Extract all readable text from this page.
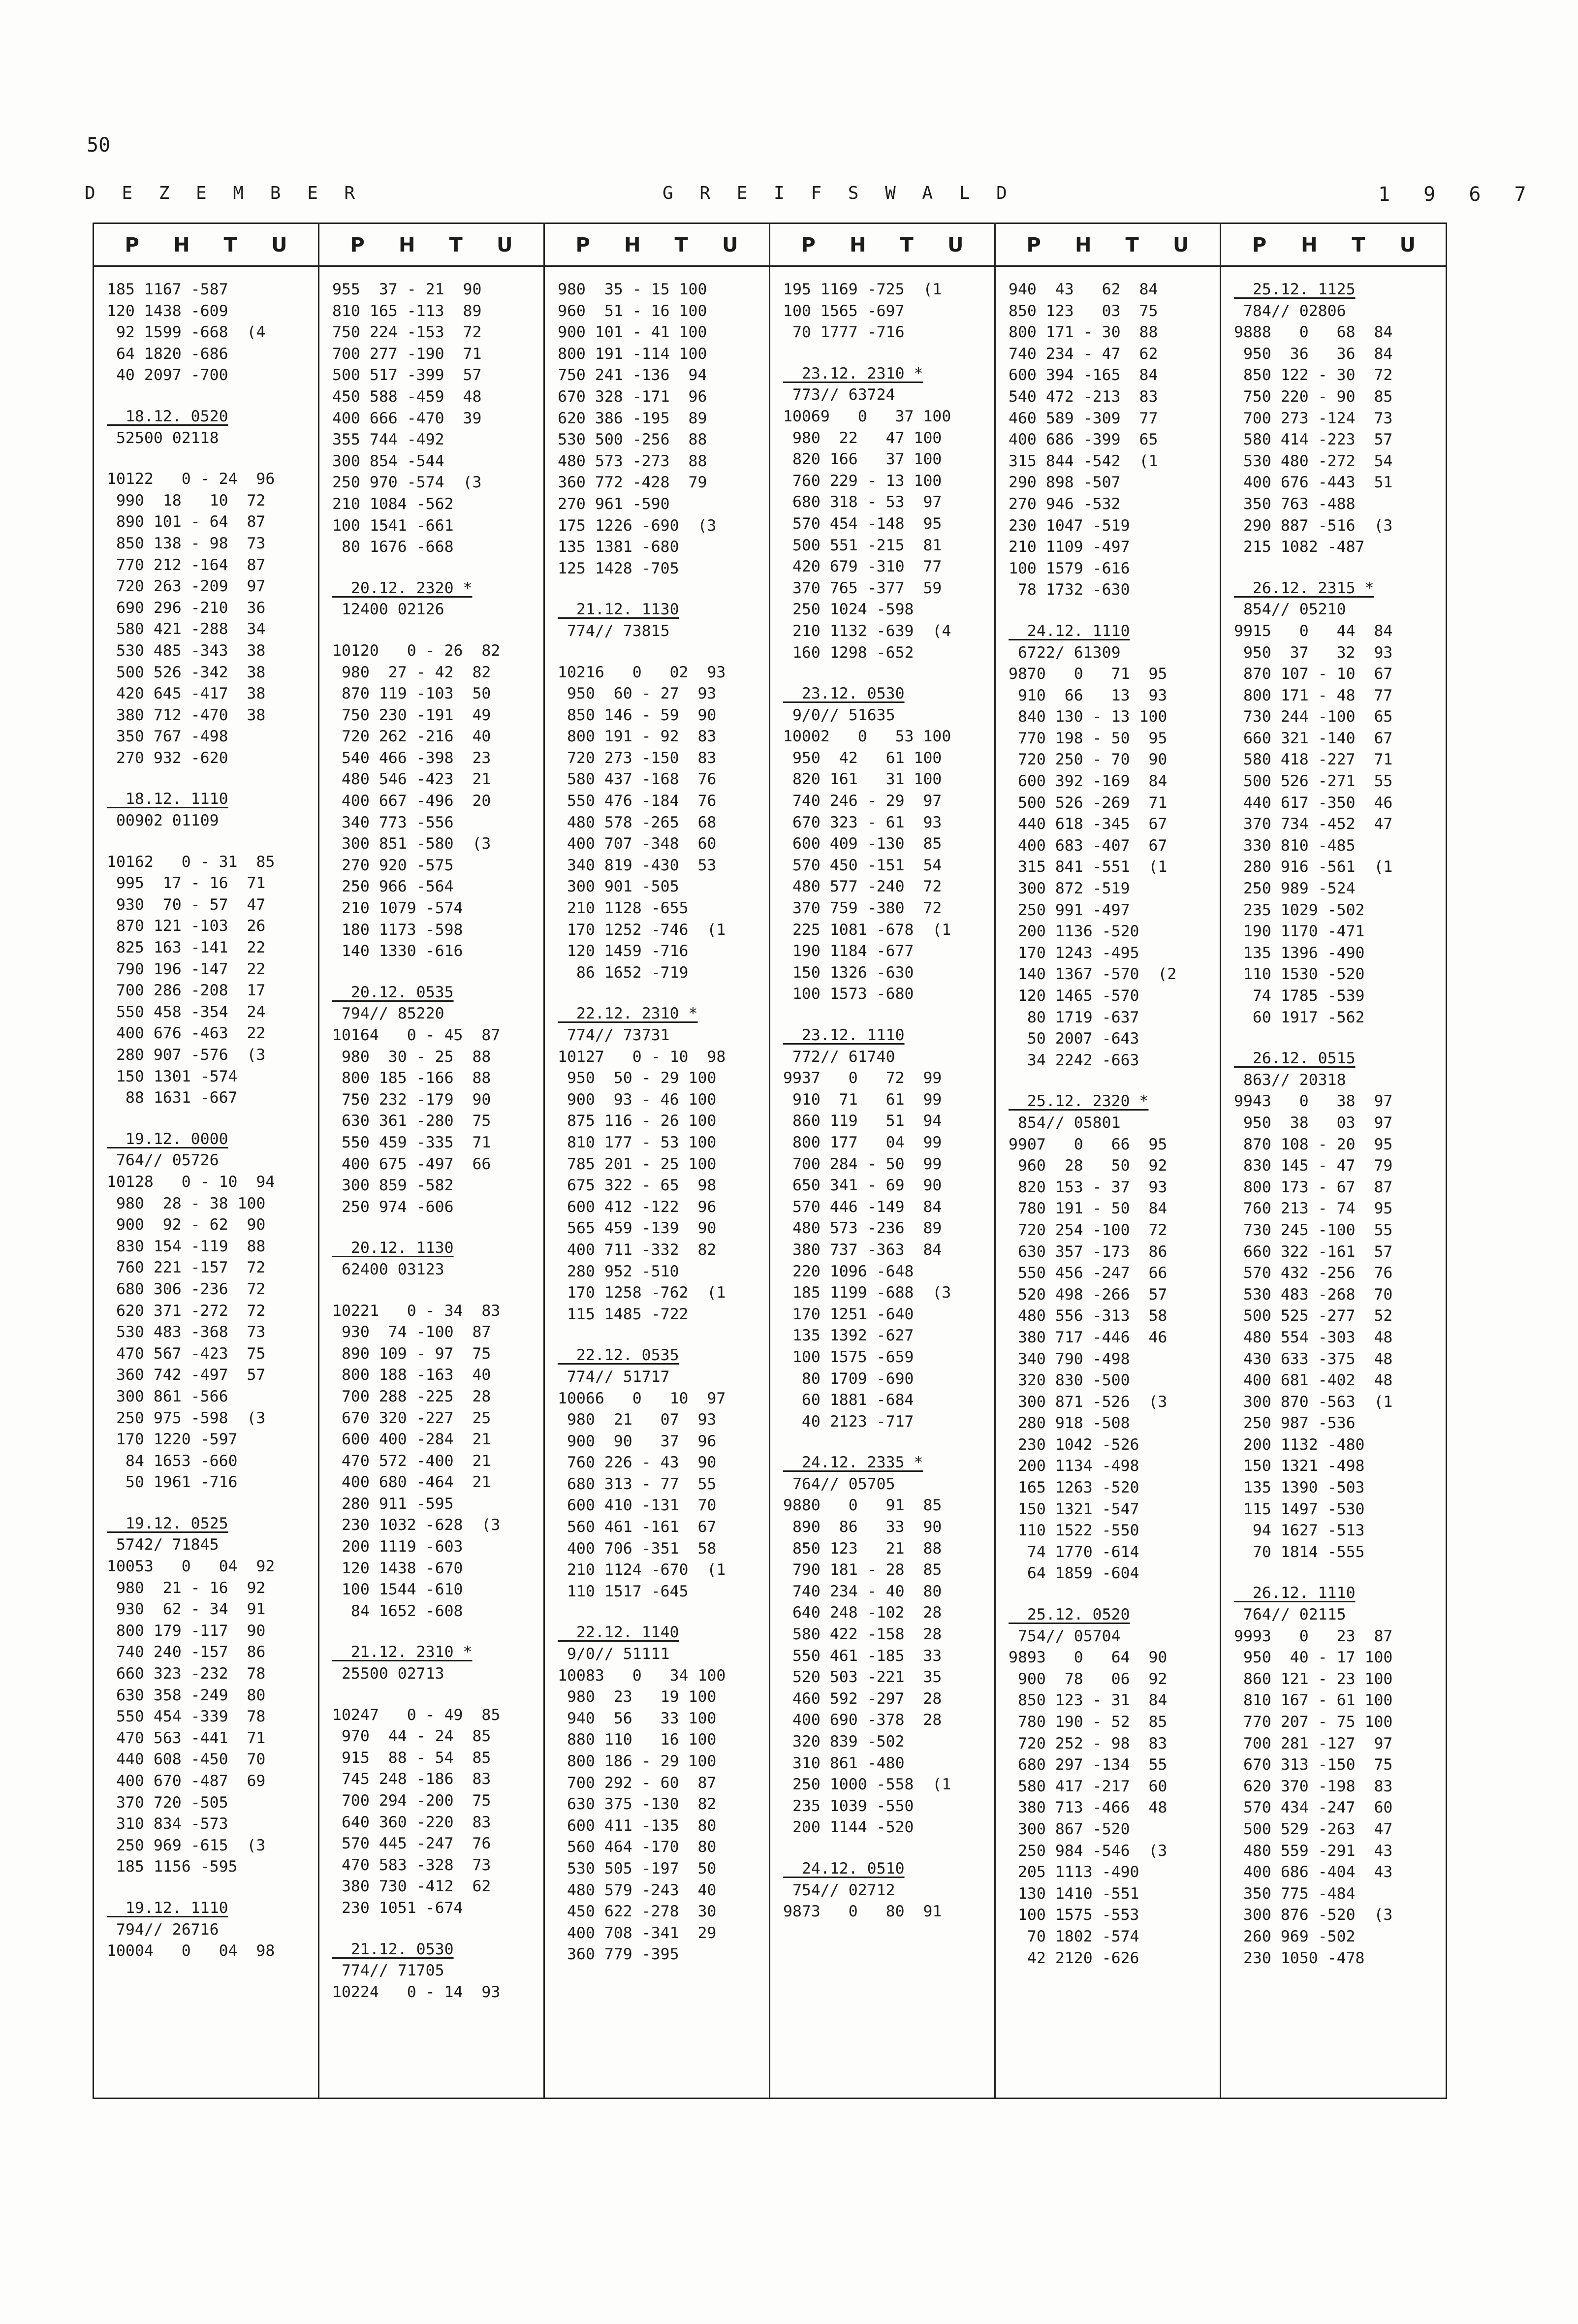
50
D E Z E M B E R	G R E I F S W A L D	1 9 6 7
P H T U
185 1167 -587
120 1438 -609
92 1599 -668  (4
64 1820 -686
40 2097 -700
18.12. 0520
52500 02118
10122   0 - 24  96
990  18   10  72
890 101 - 64  87
850 138 - 98  73
770 212 -164  87
720 263 -209  97
690 296 -210  36
580 421 -288  34
530 485 -343  38
500 526 -342  38
420 645 -417  38
380 712 -470  38
350 767 -498
270 932 -620
18.12. 1110
00902 01109
10162   0 - 31  85
995  17 - 16  71
930  70 - 57  47
870 121 -103  26
825 163 -141  22
790 196 -147  22
700 286 -208  17
550 458 -354  24
400 676 -463  22
280 907 -576  (3
150 1301 -574
88 1631 -667
19.12. 0000
764// 05726
10128   0 - 10  94
980  28 - 38 100
900  92 - 62  90
830 154 -119  88
760 221 -157  72
680 306 -236  72
620 371 -272  72
530 483 -368  73
470 567 -423  75
360 742 -497  57
300 861 -566
250 975 -598  (3
170 1220 -597
84 1653 -660
50 1961 -716
19.12. 0525
5742/ 71845
10053   0   04  92
980  21 - 16  92
930  62 - 34  91
800 179 -117  90
740 240 -157  86
660 323 -232  78
630 358 -249  80
550 454 -339  78
470 563 -441  71
440 608 -450  70
400 670 -487  69
370 720 -505
310 834 -573
250 969 -615  (3
185 1156 -595
19.12. 1110
794// 26716
10004   0   04  98
P H T U
955  37 - 21  90
810 165 -113  89
750 224 -153  72
700 277 -190  71
500 517 -399  57
450 588 -459  48
400 666 -470  39
355 744 -492
300 854 -544
250 970 -574  (3
210 1084 -562
100 1541 -661
80 1676 -668
20.12. 2320 *
12400 02126
10120   0 - 26  82
980  27 - 42  82
870 119 -103  50
750 230 -191  49
720 262 -216  40
540 466 -398  23
480 546 -423  21
400 667 -496  20
340 773 -556
300 851 -580  (3
270 920 -575
250 966 -564
210 1079 -574
180 1173 -598
140 1330 -616
20.12. 0535
794// 85220
10164   0 - 45  87
980  30 - 25  88
800 185 -166  88
750 232 -179  90
630 361 -280  75
550 459 -335  71
400 675 -497  66
300 859 -582
250 974 -606
20.12. 1130
62400 03123
10221   0 - 34  83
930  74 -100  87
890 109 - 97  75
800 188 -163  40
700 288 -225  28
670 320 -227  25
600 400 -284  21
470 572 -400  21
400 680 -464  21
280 911 -595
230 1032 -628  (3
200 1119 -603
120 1438 -670
100 1544 -610
84 1652 -608
21.12. 2310 *
25500 02713
10247   0 - 49  85
970  44 - 24  85
915  88 - 54  85
745 248 -186  83
700 294 -200  75
640 360 -220  83
570 445 -247  76
470 583 -328  73
380 730 -412  62
230 1051 -674
21.12. 0530
774// 71705
10224   0 - 14  93
P H T U
980  35 - 15 100
960  51 - 16 100
900 101 - 41 100
800 191 -114 100
750 241 -136  94
670 328 -171  96
620 386 -195  89
530 500 -256  88
480 573 -273  88
360 772 -428  79
270 961 -590
175 1226 -690  (3
135 1381 -680
125 1428 -705
21.12. 1130
774// 73815
10216   0   02  93
950  60 - 27  93
850 146 - 59  90
800 191 - 92  83
720 273 -150  83
580 437 -168  76
550 476 -184  76
480 578 -265  68
400 707 -348  60
340 819 -430  53
300 901 -505
210 1128 -655
170 1252 -746  (1
120 1459 -716
86 1652 -719
22.12. 2310 *
774// 73731
10127   0 - 10  98
950  50 - 29 100
900  93 - 46 100
875 116 - 26 100
810 177 - 53 100
785 201 - 25 100
675 322 - 65  98
600 412 -122  96
565 459 -139  90
400 711 -332  82
280 952 -510
170 1258 -762  (1
115 1485 -722
22.12. 0535
774// 51717
10066   0   10  97
980  21   07  93
900  90   37  96
760 226 - 43  90
680 313 - 77  55
600 410 -131  70
560 461 -161  67
400 706 -351  58
210 1124 -670  (1
110 1517 -645
22.12. 1140
9/0// 51111
10083   0   34 100
980  23   19 100
940  56   33 100
880 110   16 100
800 186 - 29 100
700 292 - 60  87
630 375 -130  82
600 411 -135  80
560 464 -170  80
530 505 -197  50
480 579 -243  40
450 622 -278  30
400 708 -341  29
360 779 -395
P H T U
195 1169 -725  (1
100 1565 -697
70 1777 -716
23.12. 2310 *
773// 63724
10069   0   37 100
980  22   47 100
820 166   37 100
760 229 - 13 100
680 318 - 53  97
570 454 -148  95
500 551 -215  81
420 679 -310  77
370 765 -377  59
250 1024 -598
210 1132 -639  (4
160 1298 -652
23.12. 0530
9/0// 51635
10002   0   53 100
950  42   61 100
820 161   31 100
740 246 - 29  97
670 323 - 61  93
600 409 -130  85
570 450 -151  54
480 577 -240  72
370 759 -380  72
225 1081 -678  (1
190 1184 -677
150 1326 -630
100 1573 -680
23.12. 1110
772// 61740
9937   0   72  99
910  71   61  99
860 119   51  94
800 177   04  99
700 284 - 50  99
650 341 - 69  90
570 446 -149  84
480 573 -236  89
380 737 -363  84
220 1096 -648
185 1199 -688  (3
170 1251 -640
135 1392 -627
100 1575 -659
80 1709 -690
60 1881 -684
40 2123 -717
24.12. 2335 *
764// 05705
9880   0   91  85
890  86   33  90
850 123   21  88
790 181 - 28  85
740 234 - 40  80
640 248 -102  28
580 422 -158  28
550 461 -185  33
520 503 -221  35
460 592 -297  28
400 690 -378  28
320 839 -502
310 861 -480
250 1000 -558  (1
235 1039 -550
200 1144 -520
24.12. 0510
754// 02712
9873   0   80  91
P H T U
940  43   62  84
850 123   03  75
800 171 - 30  88
740 234 - 47  62
600 394 -165  84
540 472 -213  83
460 589 -309  77
400 686 -399  65
315 844 -542  (1
290 898 -507
270 946 -532
230 1047 -519
210 1109 -497
100 1579 -616
78 1732 -630
24.12. 1110
6722/ 61309
9870   0   71  95
910  66   13  93
840 130 - 13 100
770 198 - 50  95
720 250 - 70  90
600 392 -169  84
500 526 -269  71
440 618 -345  67
400 683 -407  67
315 841 -551  (1
300 872 -519
250 991 -497
200 1136 -520
170 1243 -495
140 1367 -570  (2
120 1465 -570
80 1719 -637
50 2007 -643
34 2242 -663
25.12. 2320 *
854// 05801
9907   0   66  95
960  28   50  92
820 153 - 37  93
780 191 - 50  84
720 254 -100  72
630 357 -173  86
550 456 -247  66
520 498 -266  57
480 556 -313  58
380 717 -446  46
340 790 -498
320 830 -500
300 871 -526  (3
280 918 -508
230 1042 -526
200 1134 -498
165 1263 -520
150 1321 -547
110 1522 -550
74 1770 -614
64 1859 -604
25.12. 0520
754// 05704
9893   0   64  90
900  78   06  92
850 123 - 31  84
780 190 - 52  85
720 252 - 98  83
680 297 -134  55
580 417 -217  60
380 713 -466  48
300 867 -520
250 984 -546  (3
205 1113 -490
130 1410 -551
100 1575 -553
70 1802 -574
42 2120 -626
P H T U
25.12. 1125
784// 02806
9888   0   68  84
950  36   36  84
850 122 - 30  72
750 220 - 90  85
700 273 -124  73
580 414 -223  57
530 480 -272  54
400 676 -443  51
350 763 -488
290 887 -516  (3
215 1082 -487
26.12. 2315 *
854// 05210
9915   0   44  84
950  37   32  93
870 107 - 10  67
800 171 - 48  77
730 244 -100  65
660 321 -140  67
580 418 -227  71
500 526 -271  55
440 617 -350  46
370 734 -452  47
330 810 -485
280 916 -561  (1
250 989 -524
235 1029 -502
190 1170 -471
135 1396 -490
110 1530 -520
74 1785 -539
60 1917 -562
26.12. 0515
863// 20318
9943   0   38  97
950  38   03  97
870 108 - 20  95
830 145 - 47  79
800 173 - 67  87
760 213 - 74  95
730 245 -100  55
660 322 -161  57
570 432 -256  76
530 483 -268  70
500 525 -277  52
480 554 -303  48
430 633 -375  48
400 681 -402  48
300 870 -563  (1
250 987 -536
200 1132 -480
150 1321 -498
135 1390 -503
115 1497 -530
94 1627 -513
70 1814 -555
26.12. 1110
764// 02115
9993   0   23  87
950  40 - 17 100
860 121 - 23 100
810 167 - 61 100
770 207 - 75 100
700 281 -127  97
670 313 -150  75
620 370 -198  83
570 434 -247  60
500 529 -263  47
480 559 -291  43
400 686 -404  43
350 775 -484
300 876 -520  (3
260 969 -502
230 1050 -478
